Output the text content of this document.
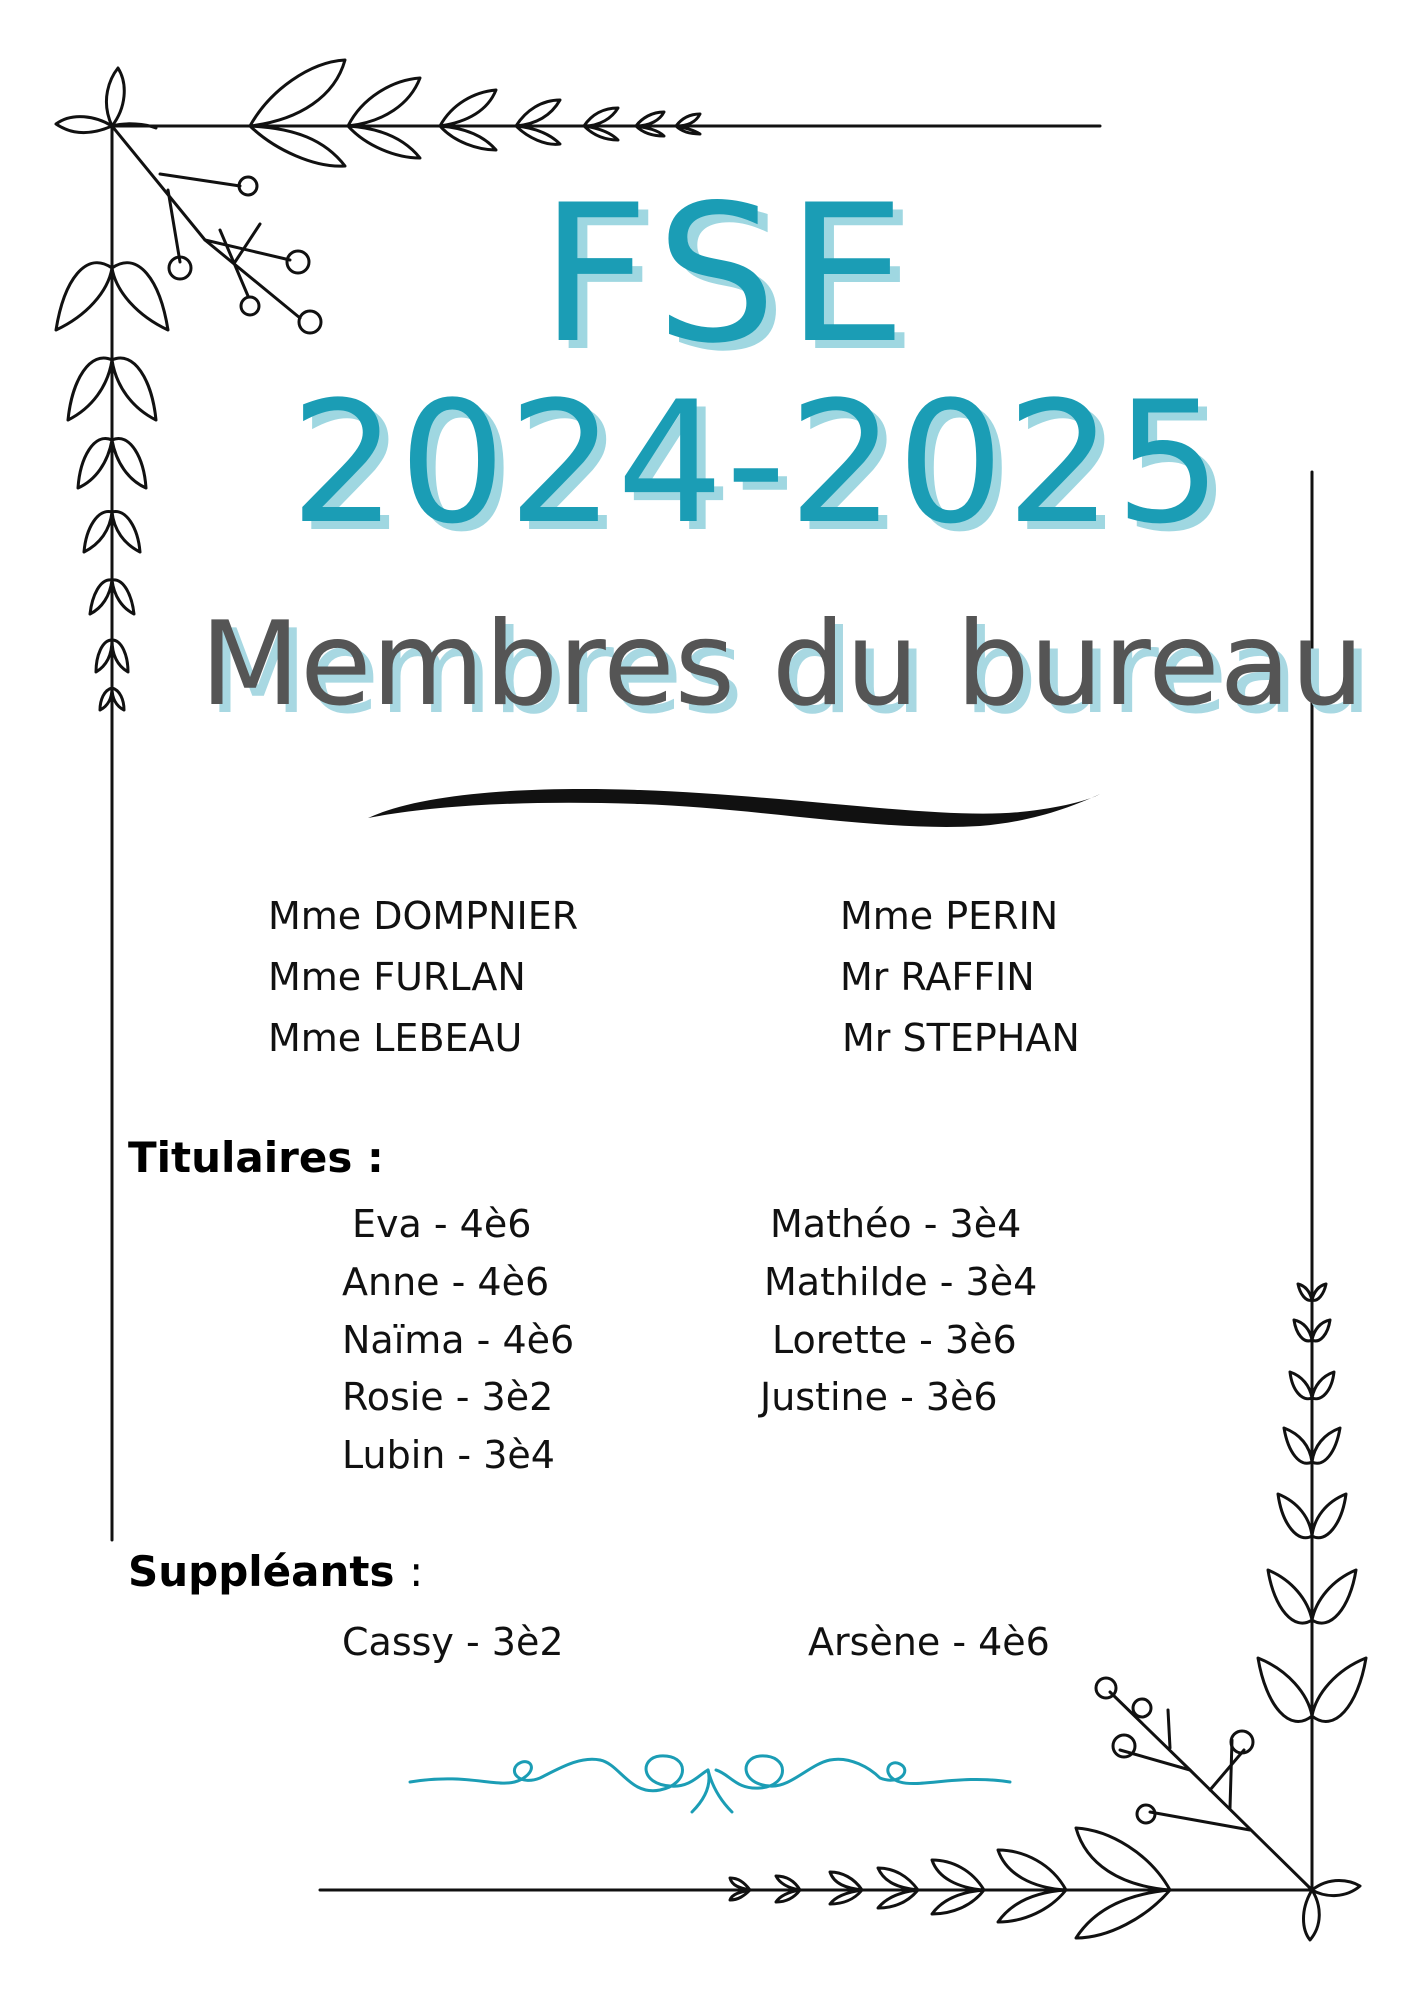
FSE
2024-2025
Membres du bureau

Mme DOMPNIER

Mme FURLAN

Mme LEBEAU

Mme PERIN

Mr RAFFIN

Mr STEPHAN

Titulaires :

Eva - 4è6

Anne - 4è6

Naïma - 4è6

Rosie - 3è2

Lubin - 3è4

Mathéo - 3è4

Mathilde - 3è4

Lorette - 3è6

Justine - 3è6

Suppléants :

Cassy - 3è2	Arsène - 4è6
